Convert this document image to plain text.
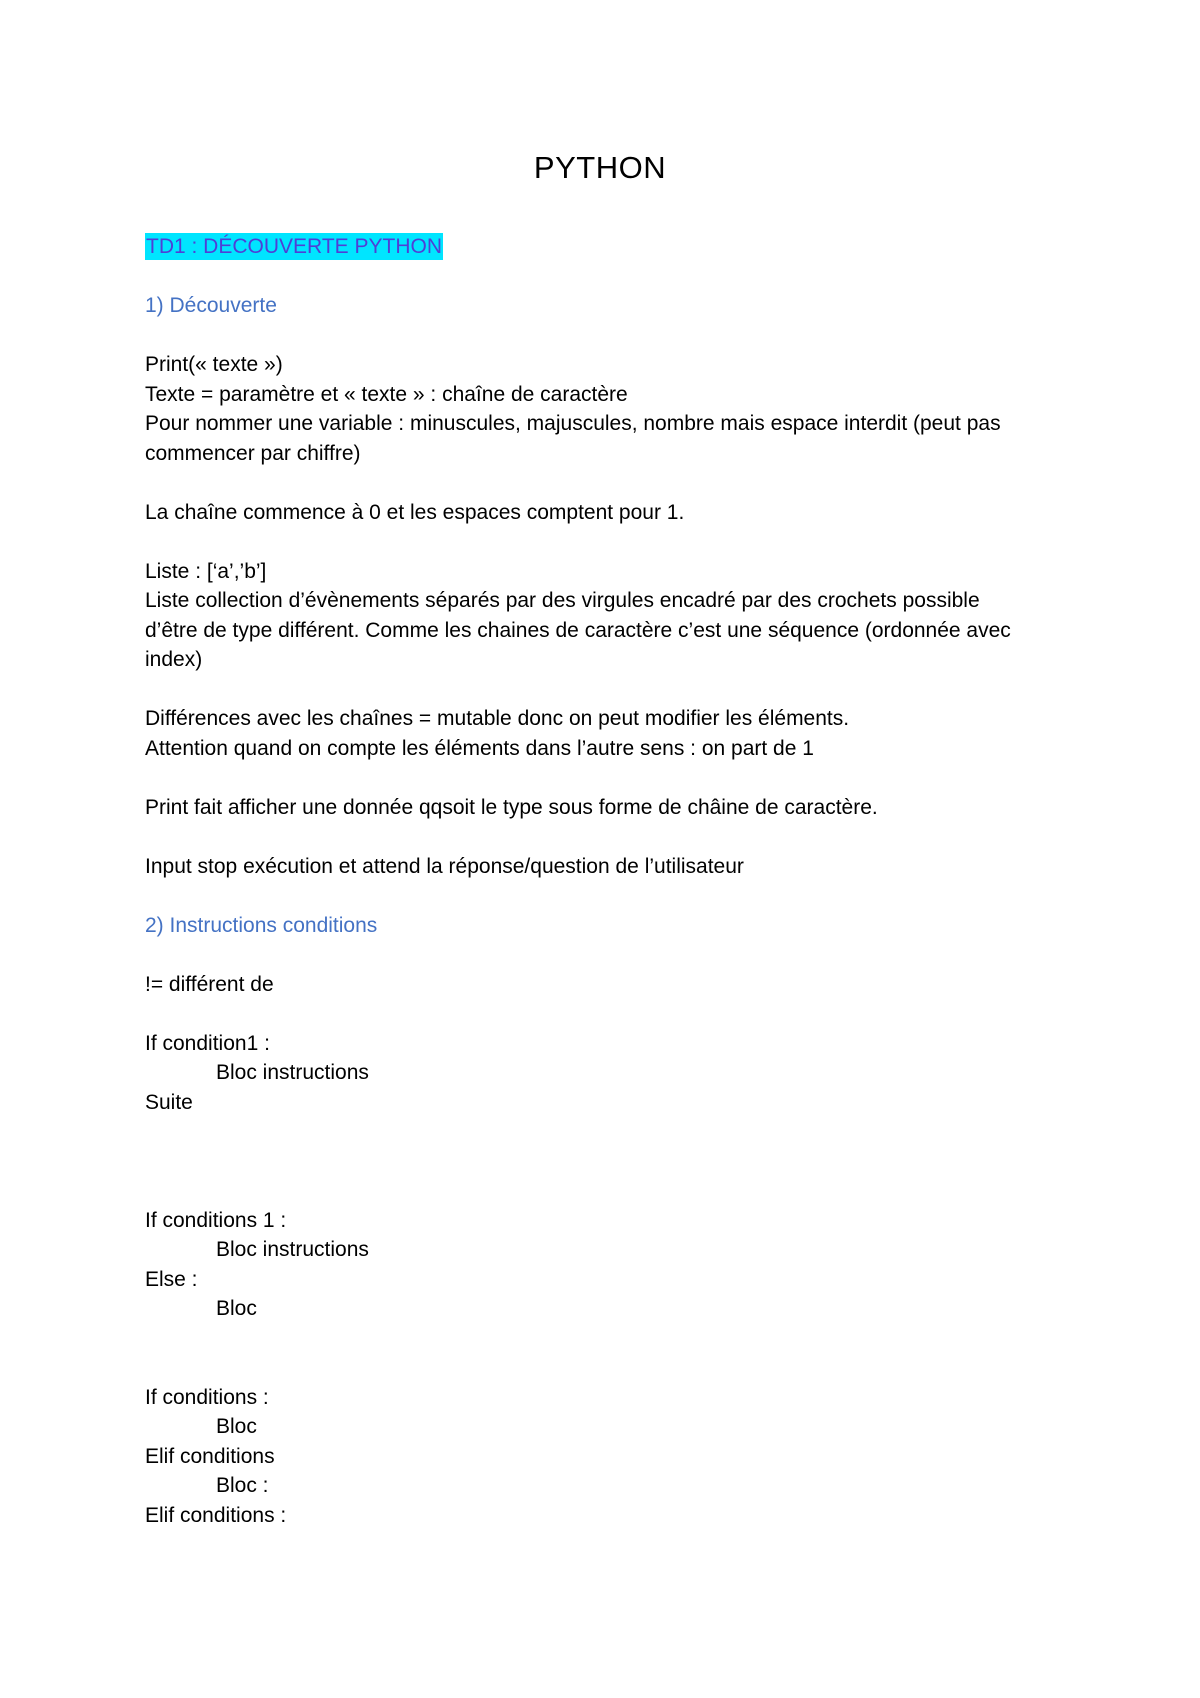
PYTHON
TD1 : DÉCOUVERTE PYTHON
1) Découverte
Print(« texte »)
Texte = paramètre et « texte » : chaîne de caractère
Pour nommer une variable : minuscules, majuscules, nombre mais espace interdit (peut pas
commencer par chiffre)
La chaîne commence à 0 et les espaces comptent pour 1.
Liste : [‘a’,’b’]
Liste collection d’évènements séparés par des virgules encadré par des crochets possible
d’être de type différent. Comme les chaines de caractère c’est une séquence (ordonnée avec
index)
Différences avec les chaînes = mutable donc on peut modifier les éléments.
Attention quand on compte les éléments dans l’autre sens : on part de 1
Print fait afficher une donnée qqsoit le type sous forme de châine de caractère.
Input stop exécution et attend la réponse/question de l’utilisateur
2) Instructions conditions
!= différent de
If condition1 :
Bloc instructions
Suite
If conditions 1 :
Bloc instructions
Else :
Bloc
If conditions :
Bloc
Elif conditions
Bloc :
Elif conditions :
